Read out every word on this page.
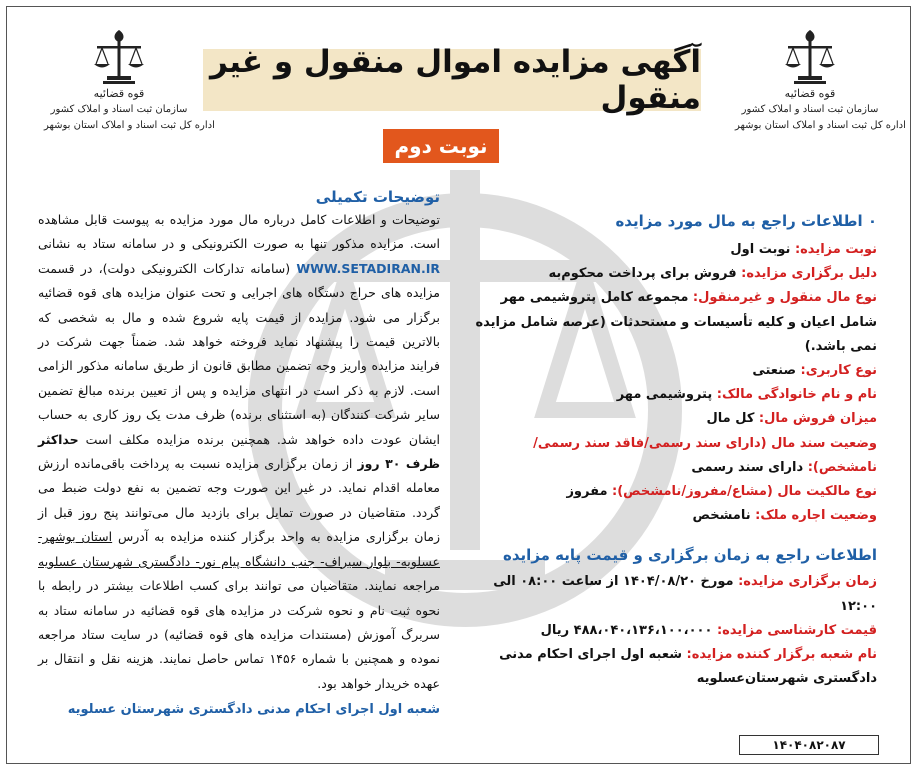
قوه قضائیه
سازمان ثبت اسناد و املاک کشور
اداره کل ثبت اسناد و املاک استان بوشهر
قوه قضائیه
سازمان ثبت اسناد و املاک کشور
اداره کل ثبت اسناد و املاک استان بوشهر
آگهی مزایده اموال منقول و غیر منقول
نوبت دوم
۰ اطلاعات راجع به مال مورد مزایده
نوبت مزایده: نوبت اول
دلیل برگزاری مزایده: فروش برای پرداخت محکوم‌به
نوع مال منقول و غیرمنقول: مجموعه کامل پتروشیمی مهر شامل اعیان و کلیه تأسیسات و مستحدثات (عرصه شامل مزایده نمی باشد.)
نوع کاربری: صنعتی
نام و نام خانوادگی مالک: پتروشیمی مهر
میزان فروش مال: کل مال
وضعیت سند مال (دارای سند رسمی/فاقد سند رسمی/ نامشخص): دارای سند رسمی
نوع مالکیت مال (مشاع/مفروز/نامشخص): مفروز
وضعیت اجاره ملک: نامشخص
اطلاعات راجع به زمان برگزاری و قیمت پایه مزایده
زمان برگزاری مزایده: مورخ ۱۴۰۴/۰۸/۲۰ از ساعت ۰۸:۰۰ الی ۱۲:۰۰
قیمت کارشناسی مزایده: ۴۸۸،۰۴۰،۱۳۶،۱۰۰،۰۰۰ ریال
نام شعبه برگزار کننده مزایده: شعبه اول اجرای احکام مدنی دادگستری شهرستان‌عسلویه
توضیحات تکمیلی
توضیحات و اطلاعات کامل درباره مال مورد مزایده به پیوست قابل مشاهده است. مزایده مذکور تنها به صورت الکترونیکی و در سامانه ستاد به نشانی WWW.SETADIRAN.IR (سامانه تدارکات الکترونیکی دولت)، در قسمت مزایده های حراج دستگاه های اجرایی و تحت عنوان مزایده های قوه قضائیه برگزار می شود. مزایده از قیمت پایه شروع شده و مال به شخصی که بالاترین قیمت را پیشنهاد نماید فروخته خواهد شد. ضمناً جهت شرکت در فرایند مزایده واریز وجه تضمین مطابق قانون از طریق سامانه مذکور الزامی است. لازم به ذکر است در انتهای مزایده و پس از تعیین برنده مبالغ تضمین سایر شرکت کنندگان (به استثنای برنده) ظرف مدت یک روز کاری به حساب ایشان عودت داده خواهد شد. همچنین برنده مزایده مکلف است حداکثر ظرف ۳۰ روز از زمان برگزاری مزایده نسبت به پرداخت باقی‌مانده ارزش معامله اقدام نماید. در غیر این صورت وجه تضمین به نفع دولت ضبط می گردد. متقاضیان در صورت تمایل برای بازدید مال می‌توانند پنج روز قبل از زمان برگزاری مزایده به واحد برگزار کننده مزایده به آدرس استان بوشهر- عسلویه- بلوار سیراف- جنب دانشگاه پیام نور- دادگستری شهرستان عسلویه مراجعه نمایند. متقاضیان می توانند برای کسب اطلاعات بیشتر در رابطه با نحوه ثبت نام و نحوه شرکت در مزایده های قوه قضائیه در سامانه ستاد به سربرگ آموزش (مستندات مزایده های قوه قضائیه) در سایت ستاد مراجعه نموده و همچنین با شماره ۱۴۵۶ تماس حاصل نمایند. هزینه نقل و انتقال بر عهده خریدار خواهد بود.
شعبه اول اجرای احکام مدنی دادگستری شهرستان عسلویه
۱۴۰۴۰۸۲۰۸۷
